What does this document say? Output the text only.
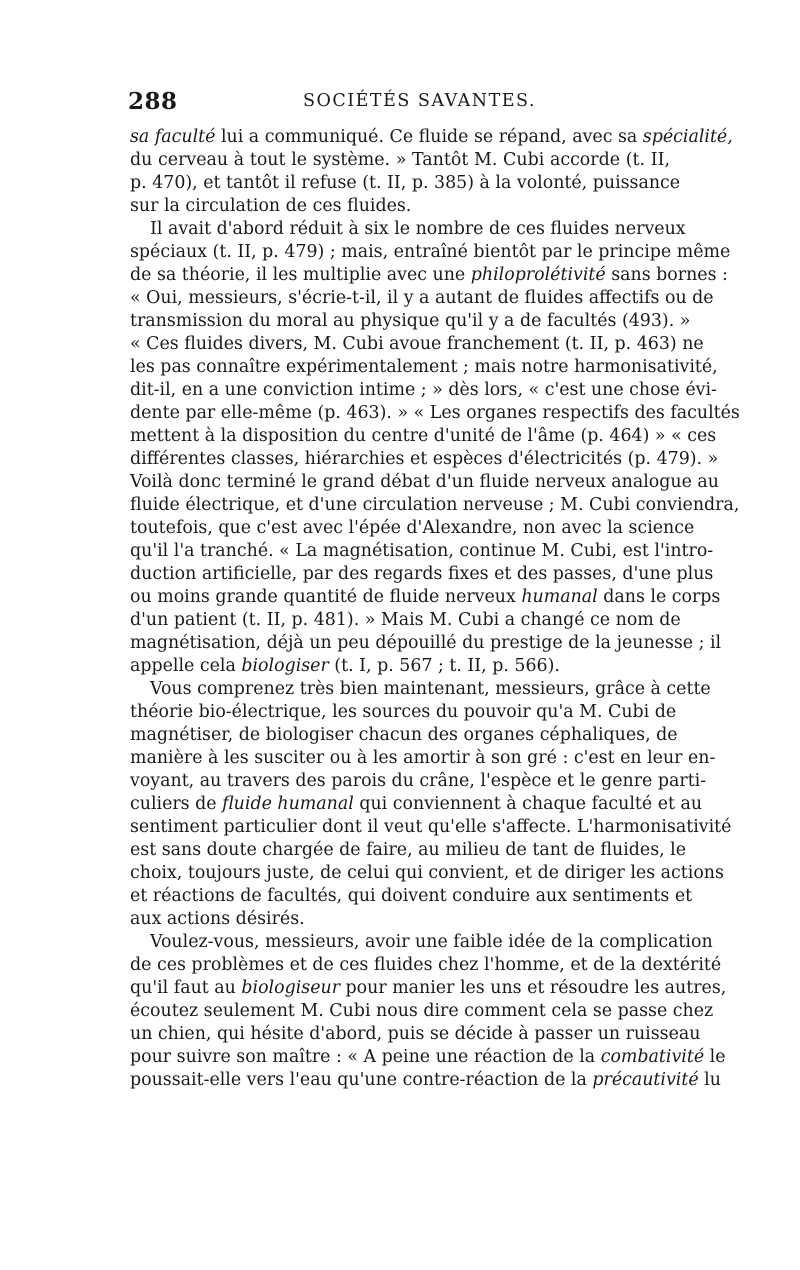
288	SOCIÉTÉS SAVANTES.
sa faculté lui a communiqué. Ce fluide se répand, avec sa spécialité,
du cerveau à tout le système. » Tantôt M. Cubi accorde (t. II,
p. 470), et tantôt il refuse (t. II, p. 385) à la volonté, puissance
sur la circulation de ces fluides.
Il avait d'abord réduit à six le nombre de ces fluides nerveux
spéciaux (t. II, p. 479) ; mais, entraîné bientôt par le principe même
de sa théorie, il les multiplie avec une philoprolétivité sans bornes :
« Oui, messieurs, s'écrie-t-il, il y a autant de fluides affectifs ou de
transmission du moral au physique qu'il y a de facultés (493). »
« Ces fluides divers, M. Cubi avoue franchement (t. II, p. 463) ne
les pas connaître expérimentalement ; mais notre harmonisativité,
dit-il, en a une conviction intime ; » dès lors, « c'est une chose évi-
dente par elle-même (p. 463). » « Les organes respectifs des facultés
mettent à la disposition du centre d'unité de l'âme (p. 464) » « ces
différentes classes, hiérarchies et espèces d'électricités (p. 479). »
Voilà donc terminé le grand débat d'un fluide nerveux analogue au
fluide électrique, et d'une circulation nerveuse ; M. Cubi conviendra,
toutefois, que c'est avec l'épée d'Alexandre, non avec la science
qu'il l'a tranché. « La magnétisation, continue M. Cubi, est l'intro-
duction artificielle, par des regards fixes et des passes, d'une plus
ou moins grande quantité de fluide nerveux humanal dans le corps
d'un patient (t. II, p. 481). » Mais M. Cubi a changé ce nom de
magnétisation, déjà un peu dépouillé du prestige de la jeunesse ; il
appelle cela biologiser (t. I, p. 567 ; t. II, p. 566).
Vous comprenez très bien maintenant, messieurs, grâce à cette
théorie bio-électrique, les sources du pouvoir qu'a M. Cubi de
magnétiser, de biologiser chacun des organes céphaliques, de
manière à les susciter ou à les amortir à son gré : c'est en leur en-
voyant, au travers des parois du crâne, l'espèce et le genre parti-
culiers de fluide humanal qui conviennent à chaque faculté et au
sentiment particulier dont il veut qu'elle s'affecte. L'harmonisativité
est sans doute chargée de faire, au milieu de tant de fluides, le
choix, toujours juste, de celui qui convient, et de diriger les actions
et réactions de facultés, qui doivent conduire aux sentiments et
aux actions désirés.
Voulez-vous, messieurs, avoir une faible idée de la complication
de ces problèmes et de ces fluides chez l'homme, et de la dextérité
qu'il faut au biologiseur pour manier les uns et résoudre les autres,
écoutez seulement M. Cubi nous dire comment cela se passe chez
un chien, qui hésite d'abord, puis se décide à passer un ruisseau
pour suivre son maître : « A peine une réaction de la combativité le
poussait-elle vers l'eau qu'une contre-réaction de la précautivité lu
